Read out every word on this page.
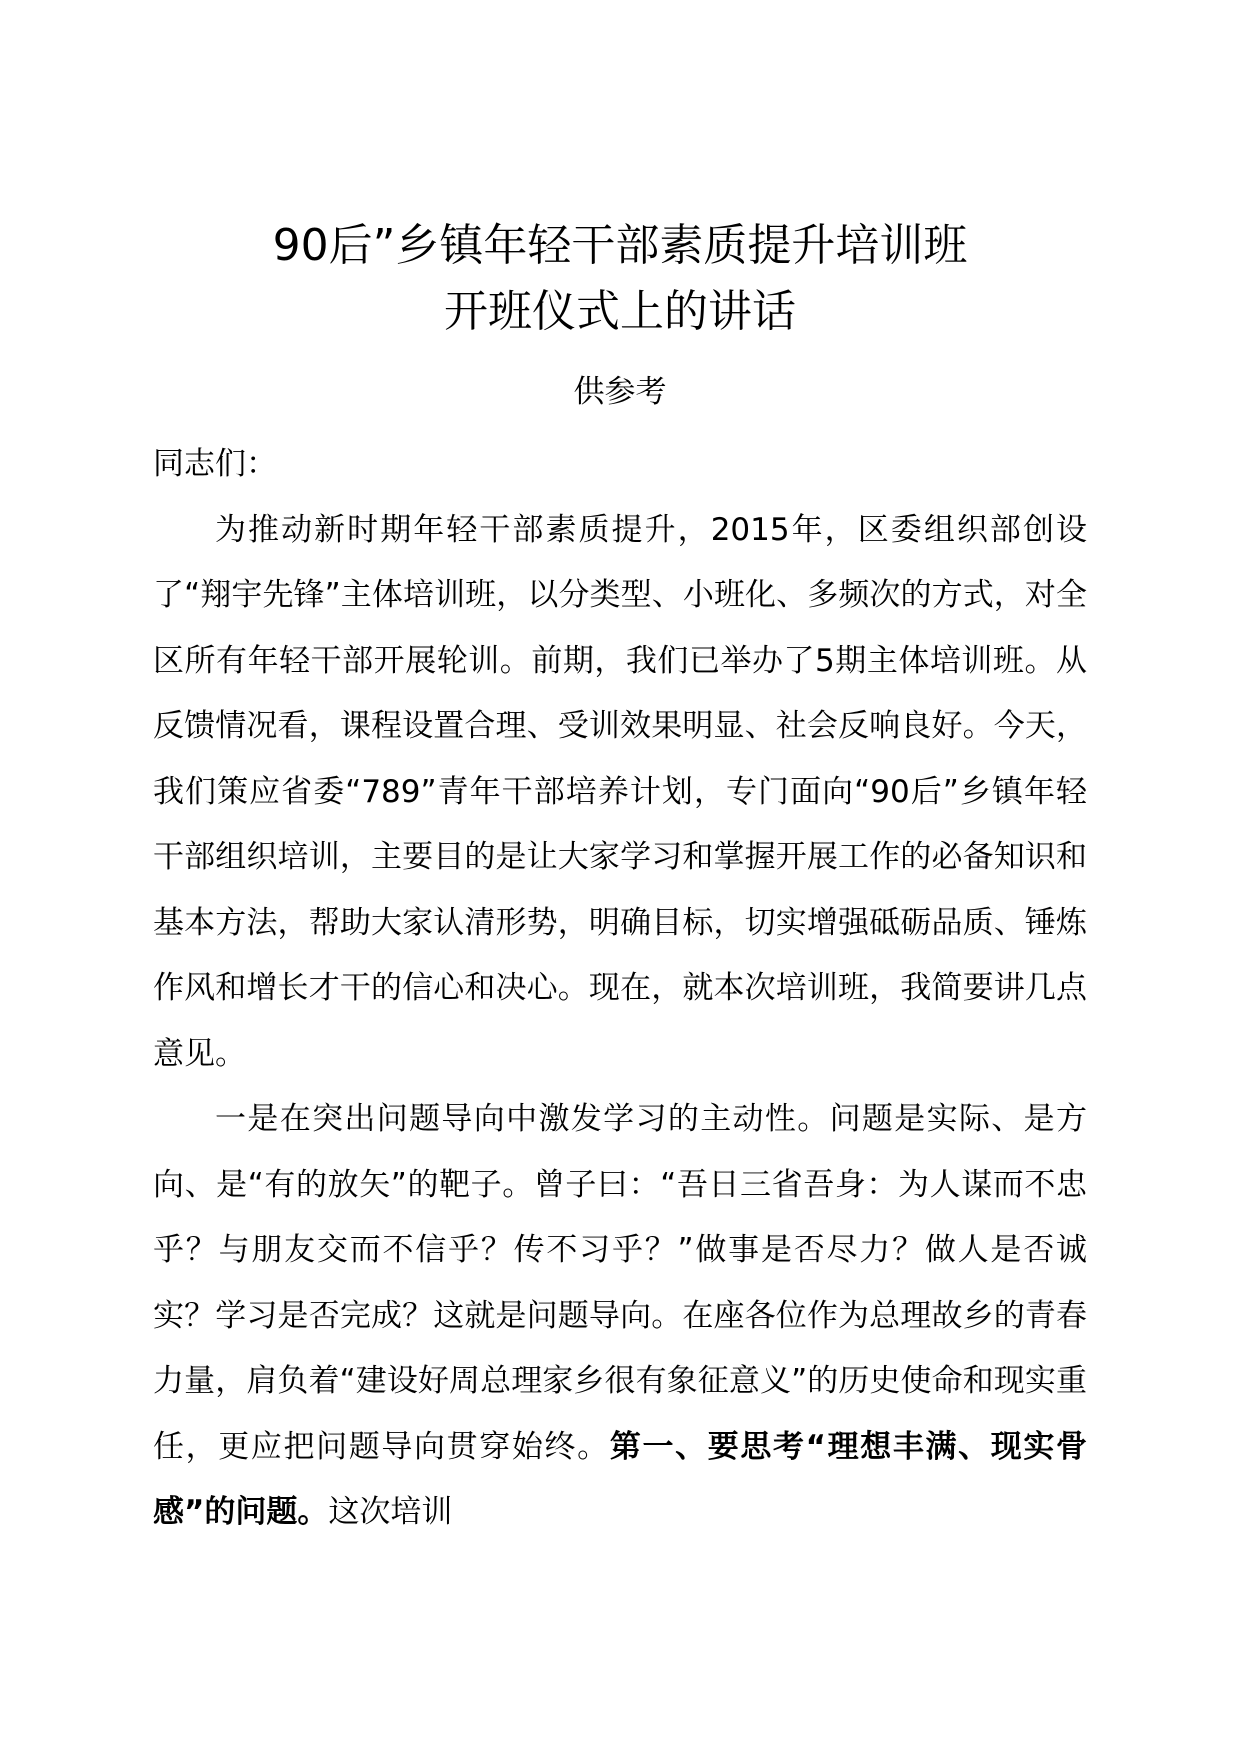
90后”乡镇年轻干部素质提升培训班
开班仪式上的讲话
供参考

同志们：

为推动新时期年轻干部素质提升，2015年，区委组织部创设了“翔宇先锋”主体培训班，以分类型、小班化、多频次的方式，对全区所有年轻干部开展轮训。前期，我们已举办了5期主体培训班。从反馈情况看，课程设置合理、受训效果明显、社会反响良好。今天，我们策应省委“789”青年干部培养计划，专门面向“90后”乡镇年轻干部组织培训，主要目的是让大家学习和掌握开展工作的必备知识和基本方法，帮助大家认清形势，明确目标，切实增强砥砺品质、锤炼作风和增长才干的信心和决心。现在，就本次培训班，我简要讲几点意见。

一是在突出问题导向中激发学习的主动性。问题是实际、是方向、是“有的放矢”的靶子。曾子曰：“吾日三省吾身：为人谋而不忠乎？与朋友交而不信乎？传不习乎？”做事是否尽力？做人是否诚实？学习是否完成？这就是问题导向。在座各位作为总理故乡的青春力量，肩负着“建设好周总理家乡很有象征意义”的历史使命和现实重任，更应把问题导向贯穿始终。第一、要思考“理想丰满、现实骨感”的问题。这次培训
